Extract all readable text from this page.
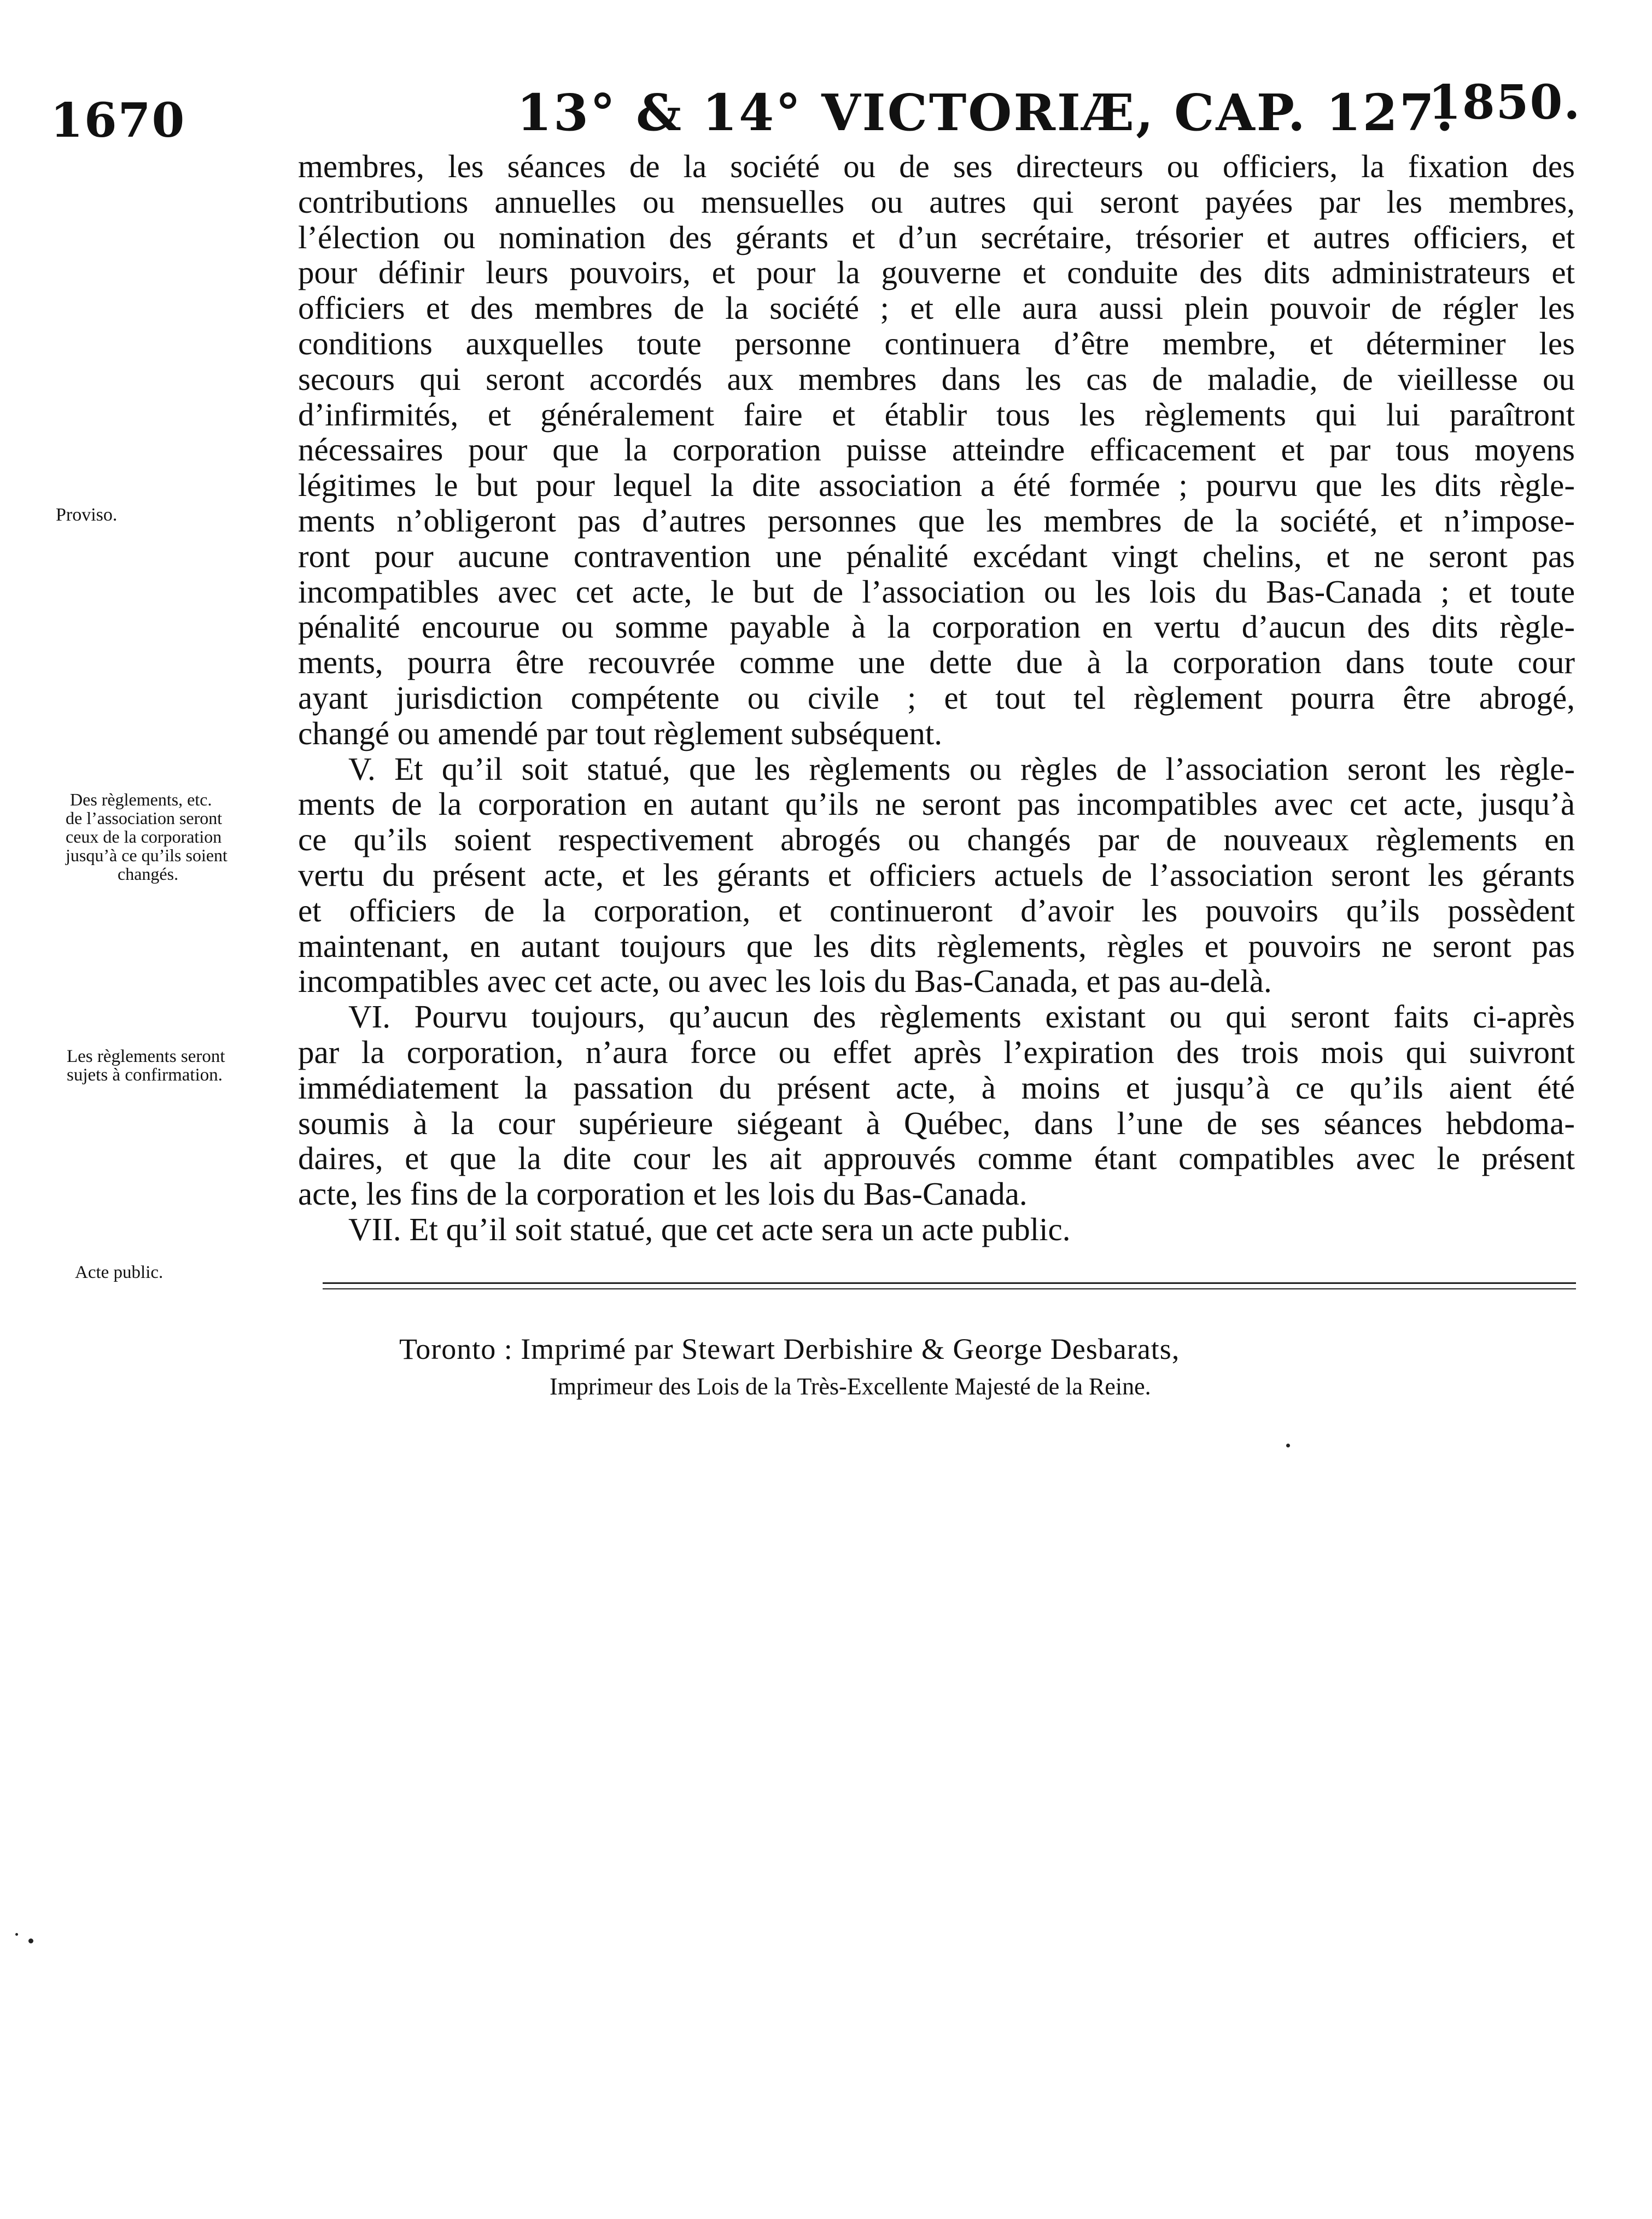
1670	13° & 14° VICTORIÆ, CAP. 127.
1850.
membres, les séances de la société ou de ses directeurs ou officiers, la fixation des
contributions annuelles ou mensuelles ou autres qui seront payées par les membres,
l’élection ou nomination des gérants et d’un secrétaire, trésorier et autres officiers, et
pour définir leurs pouvoirs, et pour la gouverne et conduite des dits administrateurs et
officiers et des membres de la société ; et elle aura aussi plein pouvoir de régler les
conditions auxquelles toute personne continuera d’être membre, et déterminer les
secours qui seront accordés aux membres dans les cas de maladie, de vieillesse ou
d’infirmités, et généralement faire et établir tous les règlements qui lui paraîtront
nécessaires pour que la corporation puisse atteindre efficacement et par tous moyens
légitimes le but pour lequel la dite association a été formée ; pourvu que les dits règle-
ments n’obligeront pas d’autres personnes que les membres de la société, et n’impose-
ront pour aucune contravention une pénalité excédant vingt chelins, et ne seront pas
incompatibles avec cet acte, le but de l’association ou les lois du Bas-Canada ; et toute
pénalité encourue ou somme payable à la corporation en vertu d’aucun des dits règle-
ments, pourra être recouvrée comme une dette due à la corporation dans toute cour
ayant jurisdiction compétente ou civile ; et tout tel règlement pourra être abrogé,
changé ou amendé par tout règlement subséquent.
V. Et qu’il soit statué, que les règlements ou règles de l’association seront les règle-
ments de la corporation en autant qu’ils ne seront pas incompatibles avec cet acte, jusqu’à
ce qu’ils soient respectivement abrogés ou changés par de nouveaux règlements en
vertu du présent acte, et les gérants et officiers actuels de l’association seront les gérants
et officiers de la corporation, et continueront d’avoir les pouvoirs qu’ils possèdent
maintenant, en autant toujours que les dits règlements, règles et pouvoirs ne seront pas
incompatibles avec cet acte, ou avec les lois du Bas-Canada, et pas au-delà.
VI. Pourvu toujours, qu’aucun des règlements existant ou qui seront faits ci-après
par la corporation, n’aura force ou effet après l’expiration des trois mois qui suivront
immédiatement la passation du présent acte, à moins et jusqu’à ce qu’ils aient été
soumis à la cour supérieure siégeant à Québec, dans l’une de ses séances hebdoma-
daires, et que la dite cour les ait approuvés comme étant compatibles avec le présent
acte, les fins de la corporation et les lois du Bas-Canada.
VII. Et qu’il soit statué, que cet acte sera un acte public.
Proviso.
Des règlements, etc.
de l’association seront
ceux de la corporation
jusqu’à ce qu’ils soient
changés.
Les règlements seront
sujets à confirmation.
Acte public.
Toronto : Imprimé par Stewart Derbishire & George Desbarats,
Imprimeur des Lois de la Très-Excellente Majesté de la Reine.
